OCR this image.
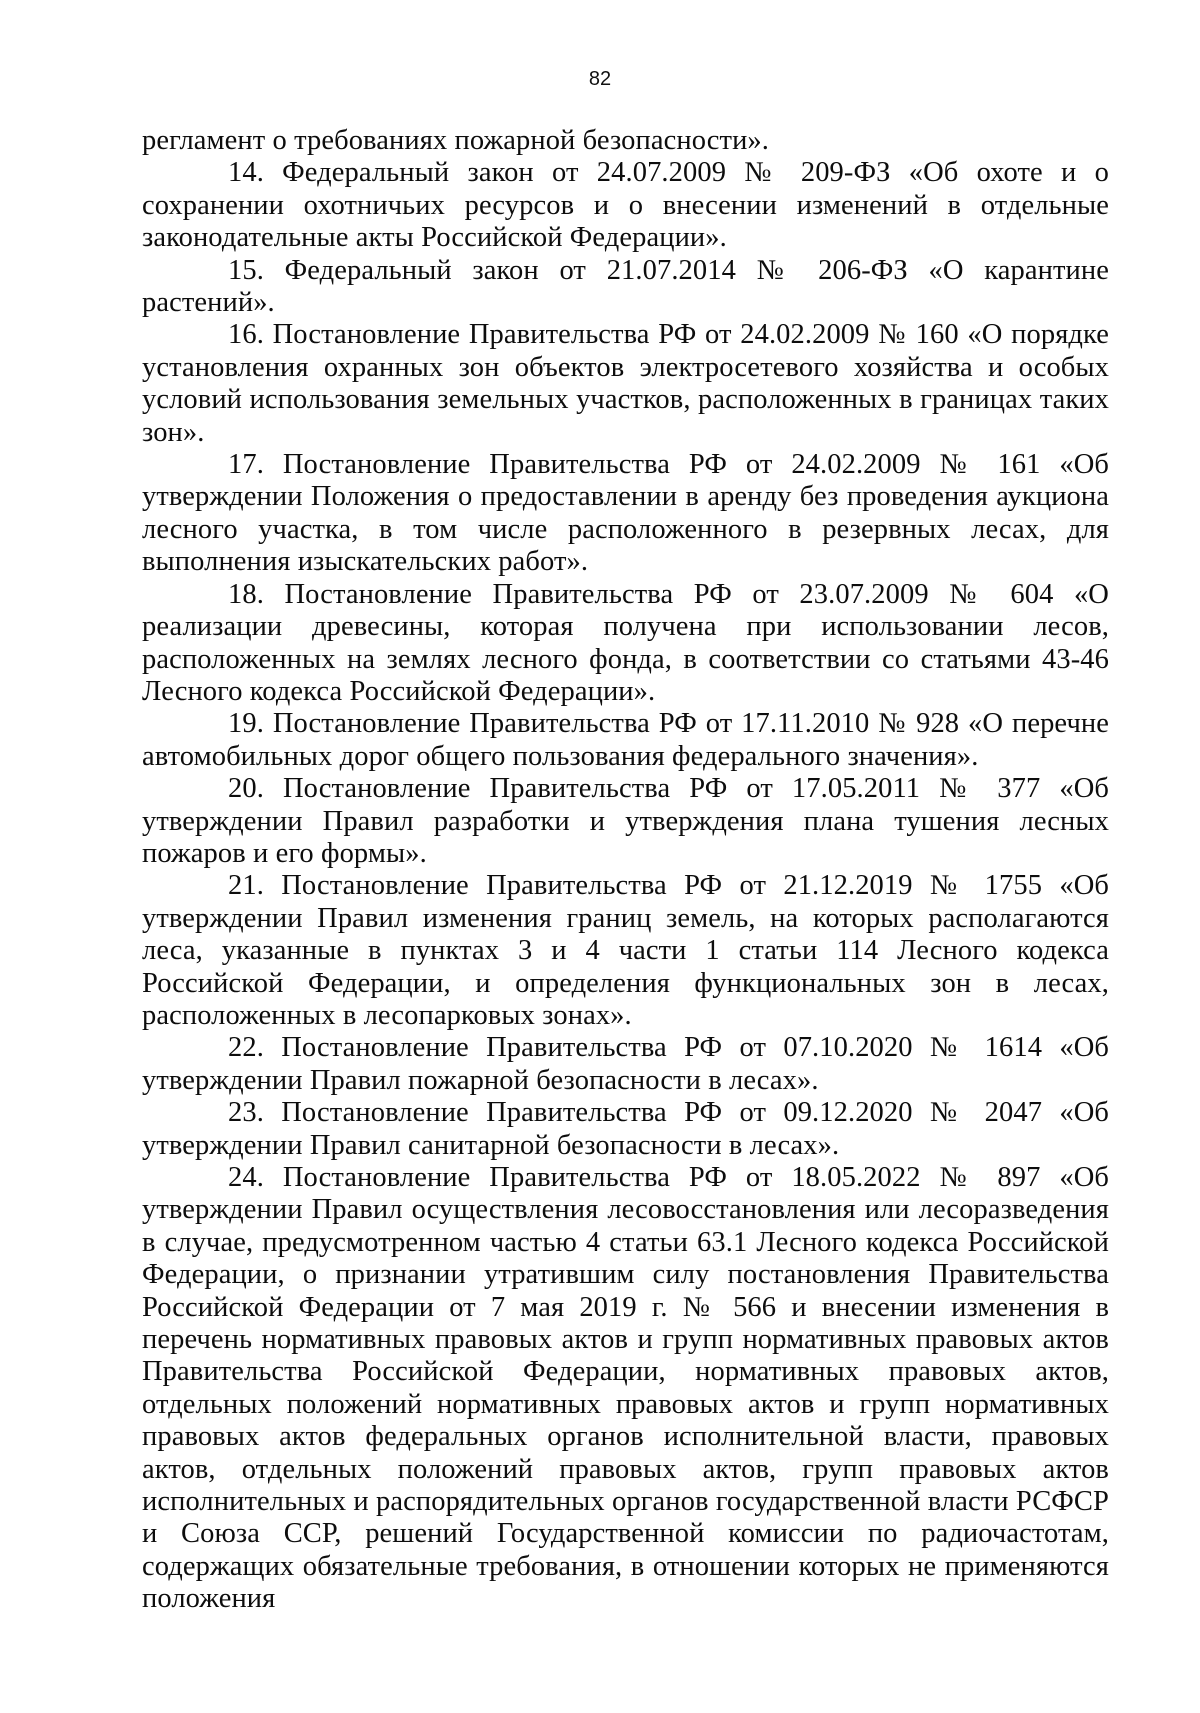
82

регламент о требованиях пожарной безопасности».

14. Федеральный закон от 24.07.2009 № 209-ФЗ «Об охоте и о сохранении охотничьих ресурсов и о внесении изменений в отдельные законодательные акты Российской Федерации».

15. Федеральный закон от 21.07.2014 № 206-ФЗ «О карантине растений».

16. Постановление Правительства РФ от 24.02.2009 № 160 «О порядке установления охранных зон объектов электросетевого хозяйства и особых условий использования земельных участков, расположенных в границах таких зон».

17. Постановление Правительства РФ от 24.02.2009 № 161 «Об утверждении Положения о предоставлении в аренду без проведения аукциона лесного участка, в том числе расположенного в резервных лесах, для выполнения изыскательских работ».

18. Постановление Правительства РФ от 23.07.2009 № 604 «О реализации древесины, которая получена при использовании лесов, расположенных на землях лесного фонда, в соответствии со статьями 43-46 Лесного кодекса Российской Федерации».

19. Постановление Правительства РФ от 17.11.2010 № 928 «О перечне автомобильных дорог общего пользования федерального значения».

20. Постановление Правительства РФ от 17.05.2011 № 377 «Об утверждении Правил разработки и утверждения плана тушения лесных пожаров и его формы».

21. Постановление Правительства РФ от 21.12.2019 № 1755 «Об утверждении Правил изменения границ земель, на которых располагаются леса, указанные в пунктах 3 и 4 части 1 статьи 114 Лесного кодекса Российской Федерации, и определения функциональных зон в лесах, расположенных в лесопарковых зонах».

22. Постановление Правительства РФ от 07.10.2020 № 1614 «Об утверждении Правил пожарной безопасности в лесах».

23. Постановление Правительства РФ от 09.12.2020 № 2047 «Об утверждении Правил санитарной безопасности в лесах».

24. Постановление Правительства РФ от 18.05.2022 № 897 «Об утверждении Правил осуществления лесовосстановления или лесоразведения в случае, предусмотренном частью 4 статьи 63.1 Лесного кодекса Российской Федерации, о признании утратившим силу постановления Правительства Российской Федерации от 7 мая 2019 г. № 566 и внесении изменения в перечень нормативных правовых актов и групп нормативных правовых актов Правительства Российской Федерации, нормативных правовых актов, отдельных положений нормативных правовых актов и групп нормативных правовых актов федеральных органов исполнительной власти, правовых актов, отдельных положений правовых актов, групп правовых актов исполнительных и распорядительных органов государственной власти РСФСР и Союза ССР, решений Государственной комиссии по радиочастотам, содержащих обязательные требования, в отношении которых не применяются положения
